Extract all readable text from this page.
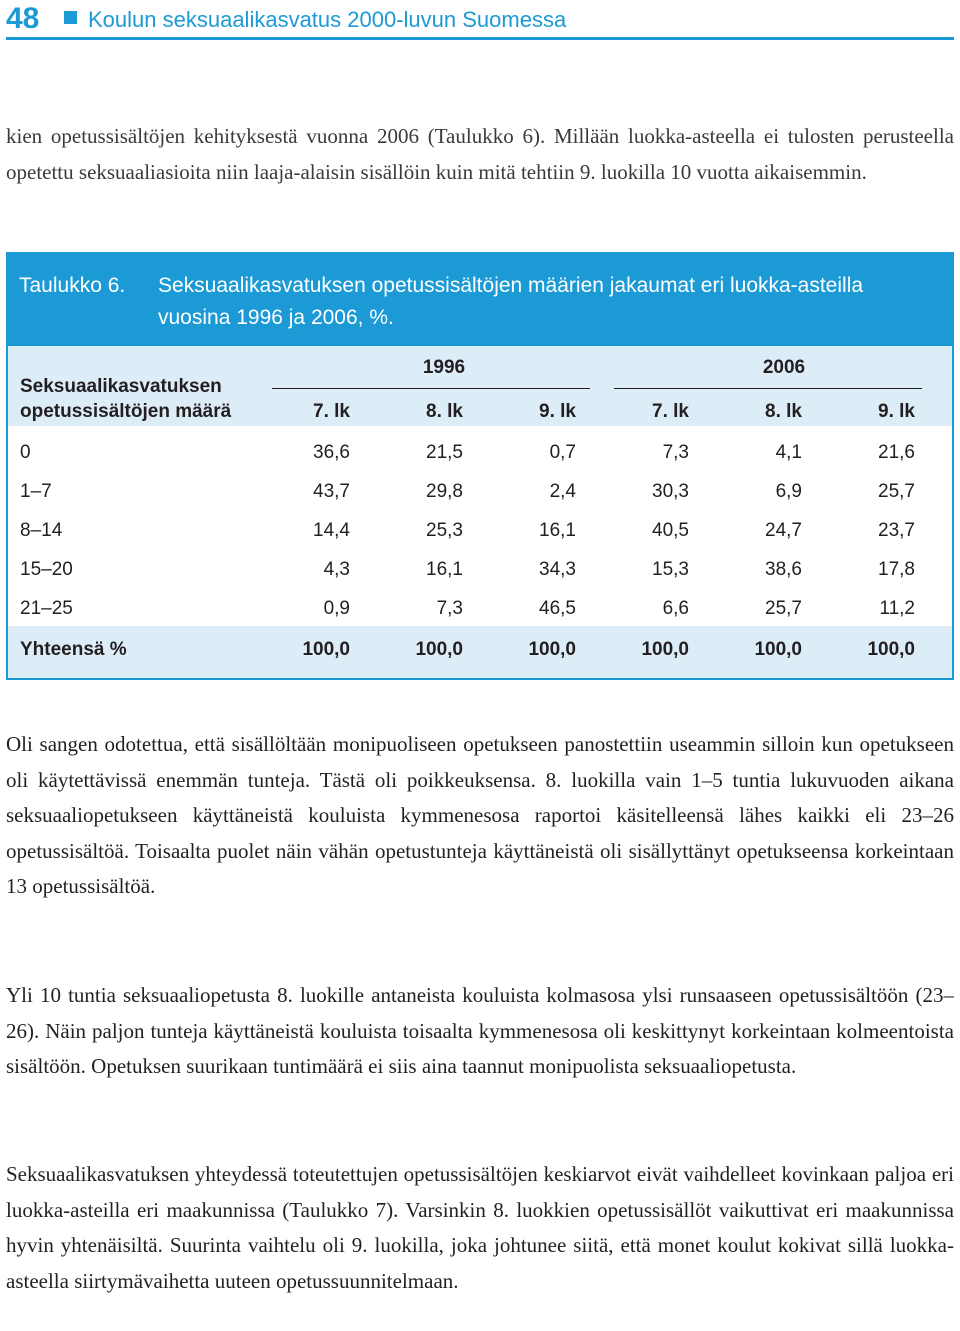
48 Koulun seksuaalikasvatus 2000-luvun Suomessa

kien opetussisältöjen kehityksestä vuonna 2006 (Taulukko 6). Millään luokka-asteella ei tulosten perusteella opetettu seksuaaliasioita niin laaja-alaisin sisällöin kuin mitä tehtiin 9. luokilla 10 vuotta aikaisemmin.

Taulukko 6. Seksuaalikasvatuksen opetussisältöjen määrien jakaumat eri luokka-asteilla vuosina 1996 ja 2006, %.
Seksuaalikasvatuksen
opetussisältöjen määrä
1996	2006
7. lk	8. lk	9. lk	7. lk	8. lk	9. lk
0	36,6	21,5	0,7	7,3	4,1	21,6
1–7	43,7	29,8	2,4	30,3	6,9	25,7
8–14	14,4	25,3	16,1	40,5	24,7	23,7
15–20	4,3	16,1	34,3	15,3	38,6	17,8
21–25	0,9	7,3	46,5	6,6	25,7	11,2
Yhteensä %	100,0	100,0	100,0	100,0	100,0	100,0

Oli sangen odotettua, että sisällöltään monipuoliseen opetukseen panostettiin useammin silloin kun opetukseen oli käytettävissä enemmän tunteja. Tästä oli poikkeuksensa. 8. luokilla vain 1–5 tuntia lukuvuoden aikana seksuaaliopetukseen käyttäneistä kouluista kymmenesosa raportoi käsitelleensä lähes kaikki eli 23–26 opetussisältöä. Toisaalta puolet näin vähän opetustunteja käyttäneistä oli sisällyttänyt opetukseensa korkeintaan 13 opetussisältöä.

Yli 10 tuntia seksuaaliopetusta 8. luokille antaneista kouluista kolmasosa ylsi runsaaseen opetussisältöön (23–26). Näin paljon tunteja käyttäneistä kouluista toisaalta kymmenesosa oli keskittynyt korkeintaan kolmeentoista sisältöön. Opetuksen suurikaan tuntimäärä ei siis aina taannut monipuolista seksuaaliopetusta.

Seksuaalikasvatuksen yhteydessä toteutettujen opetussisältöjen keskiarvot eivät vaihdelleet kovinkaan paljoa eri luokka-asteilla eri maakunnissa (Taulukko 7). Varsinkin 8. luokkien opetussisällöt vaikuttivat eri maakunnissa hyvin yhtenäisiltä. Suurinta vaihtelu oli 9. luokilla, joka johtunee siitä, että monet koulut kokivat sillä luokka-asteella siirtymävaihetta uuteen opetussuunnitelmaan.
